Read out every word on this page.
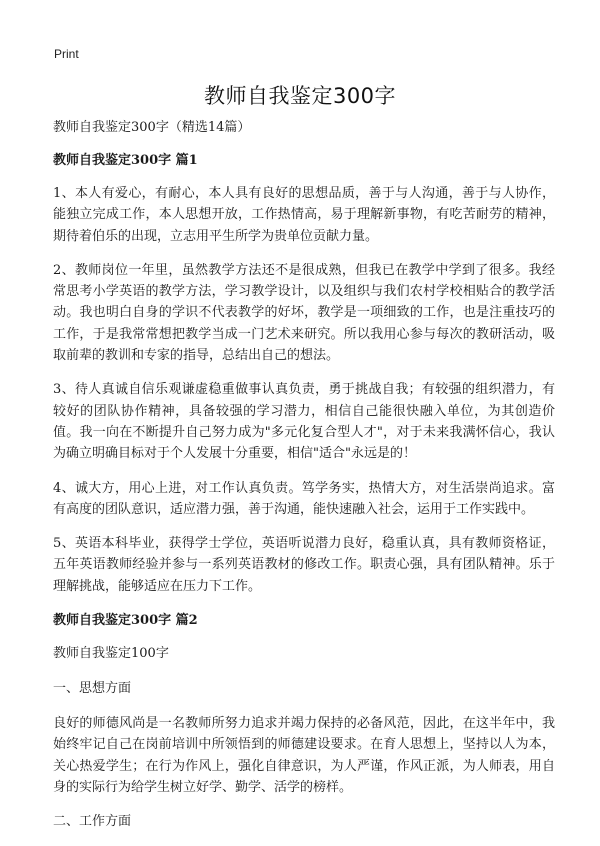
Print
教师自我鉴定300字

教师自我鉴定300字（精选14篇）

教师自我鉴定300字 篇1

1、本人有爱心，有耐心，本人具有良好的思想品质，善于与人沟通，善于与人协作，能独立完成工作，本人思想开放，工作热情高，易于理解新事物，有吃苦耐劳的精神，期待着伯乐的出现，立志用平生所学为贵单位贡献力量。

2、教师岗位一年里，虽然教学方法还不是很成熟，但我已在教学中学到了很多。我经常思考小学英语的教学方法，学习教学设计，以及组织与我们农村学校相贴合的教学活动。我也明白自身的学识不代表教学的好坏，教学是一项细致的工作，也是注重技巧的工作，于是我常常想把教学当成一门艺术来研究。所以我用心参与每次的教研活动，吸取前辈的教训和专家的指导，总结出自己的想法。

3、待人真诚自信乐观谦虚稳重做事认真负责，勇于挑战自我；有较强的组织潜力，有较好的团队协作精神，具备较强的学习潜力，相信自己能很快融入单位，为其创造价值。我一向在不断提升自己努力成为"多元化复合型人才"，对于未来我满怀信心，我认为确立明确目标对于个人发展十分重要，相信"适合"永远是的！

4、诚大方，用心上进，对工作认真负责。笃学务实，热情大方，对生活崇尚追求。富有高度的团队意识，适应潜力强，善于沟通，能快速融入社会，运用于工作实践中。

5、英语本科毕业，获得学士学位，英语听说潜力良好，稳重认真，具有教师资格证，五年英语教师经验并参与一系列英语教材的修改工作。职责心强，具有团队精神。乐于理解挑战，能够适应在压力下工作。

教师自我鉴定300字 篇2

教师自我鉴定100字

一、思想方面

良好的师德风尚是一名教师所努力追求并竭力保持的必备风范，因此，在这半年中，我始终牢记自己在岗前培训中所领悟到的师德建设要求。在育人思想上，坚持以人为本，关心热爱学生；在行为作风上，强化自律意识，为人严谨，作风正派，为人师表，用自身的实际行为给学生树立好学、勤学、活学的榜样。

二、工作方面
